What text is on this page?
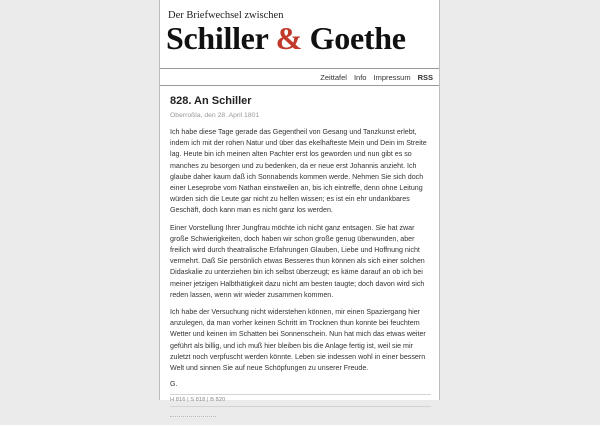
Der Briefwechsel zwischen
Schiller & Goethe
Zeittafel Info Impressum RSS
828. An Schiller
Oberroßla, den 28. April 1801

Ich habe diese Tage gerade das Gegentheil von Gesang und Tanzkunst erlebt, indem ich mit der rohen Natur und über das ekelhafteste Mein und Dein im Streite lag. Heute bin ich meinen alten Pachter erst los geworden und nun gibt es so manches zu besorgen und zu bedenken, da er neue erst Johannis anzieht. Ich glaube daher kaum daß ich Sonnabends kommen werde. Nehmen Sie sich doch einer Leseprobe vom Nathan einstweilen an, bis ich eintreffe, denn ohne Leitung würden sich die Leute gar nicht zu helfen wissen; es ist ein ehr undankbares Geschäft, doch kann man es nicht ganz los werden.

Einer Vorstellung Ihrer Jungfrau möchte ich nicht ganz entsagen. Sie hat zwar große Schwierigkeiten, doch haben wir schon große genug überwunden, aber freilich wird durch theatralische Erfahrungen Glauben, Liebe und Hoffnung nicht vermehrt. Daß Sie persönlich etwas Besseres thun können als sich einer solchen Didaskalie zu unterziehen bin ich selbst überzeugt; es käme darauf an ob ich bei meiner jetzigen Halbthätigkeit dazu nicht am besten taugte; doch davon wird sich reden lassen, wenn wir wieder zusammen kommen.

Ich habe der Versuchung nicht widerstehen können, mir einen Spaziergang hier anzulegen, da man vorher keinen Schritt im Trocknen thun konnte bei feuchtem Wetter und keinen im Schatten bei Sonnenschein. Nun hat mich das etwas weiter geführt als billig, und ich muß hier bleiben bis die Anlage fertig ist, weil sie mir zuletzt noch verpfuscht werden könnte. Leben sie indessen wohl in einer bessern Welt und sinnen Sie auf neue Schöpfungen zu unserer Freude.

G.

H 816 | S 818 | B 820
